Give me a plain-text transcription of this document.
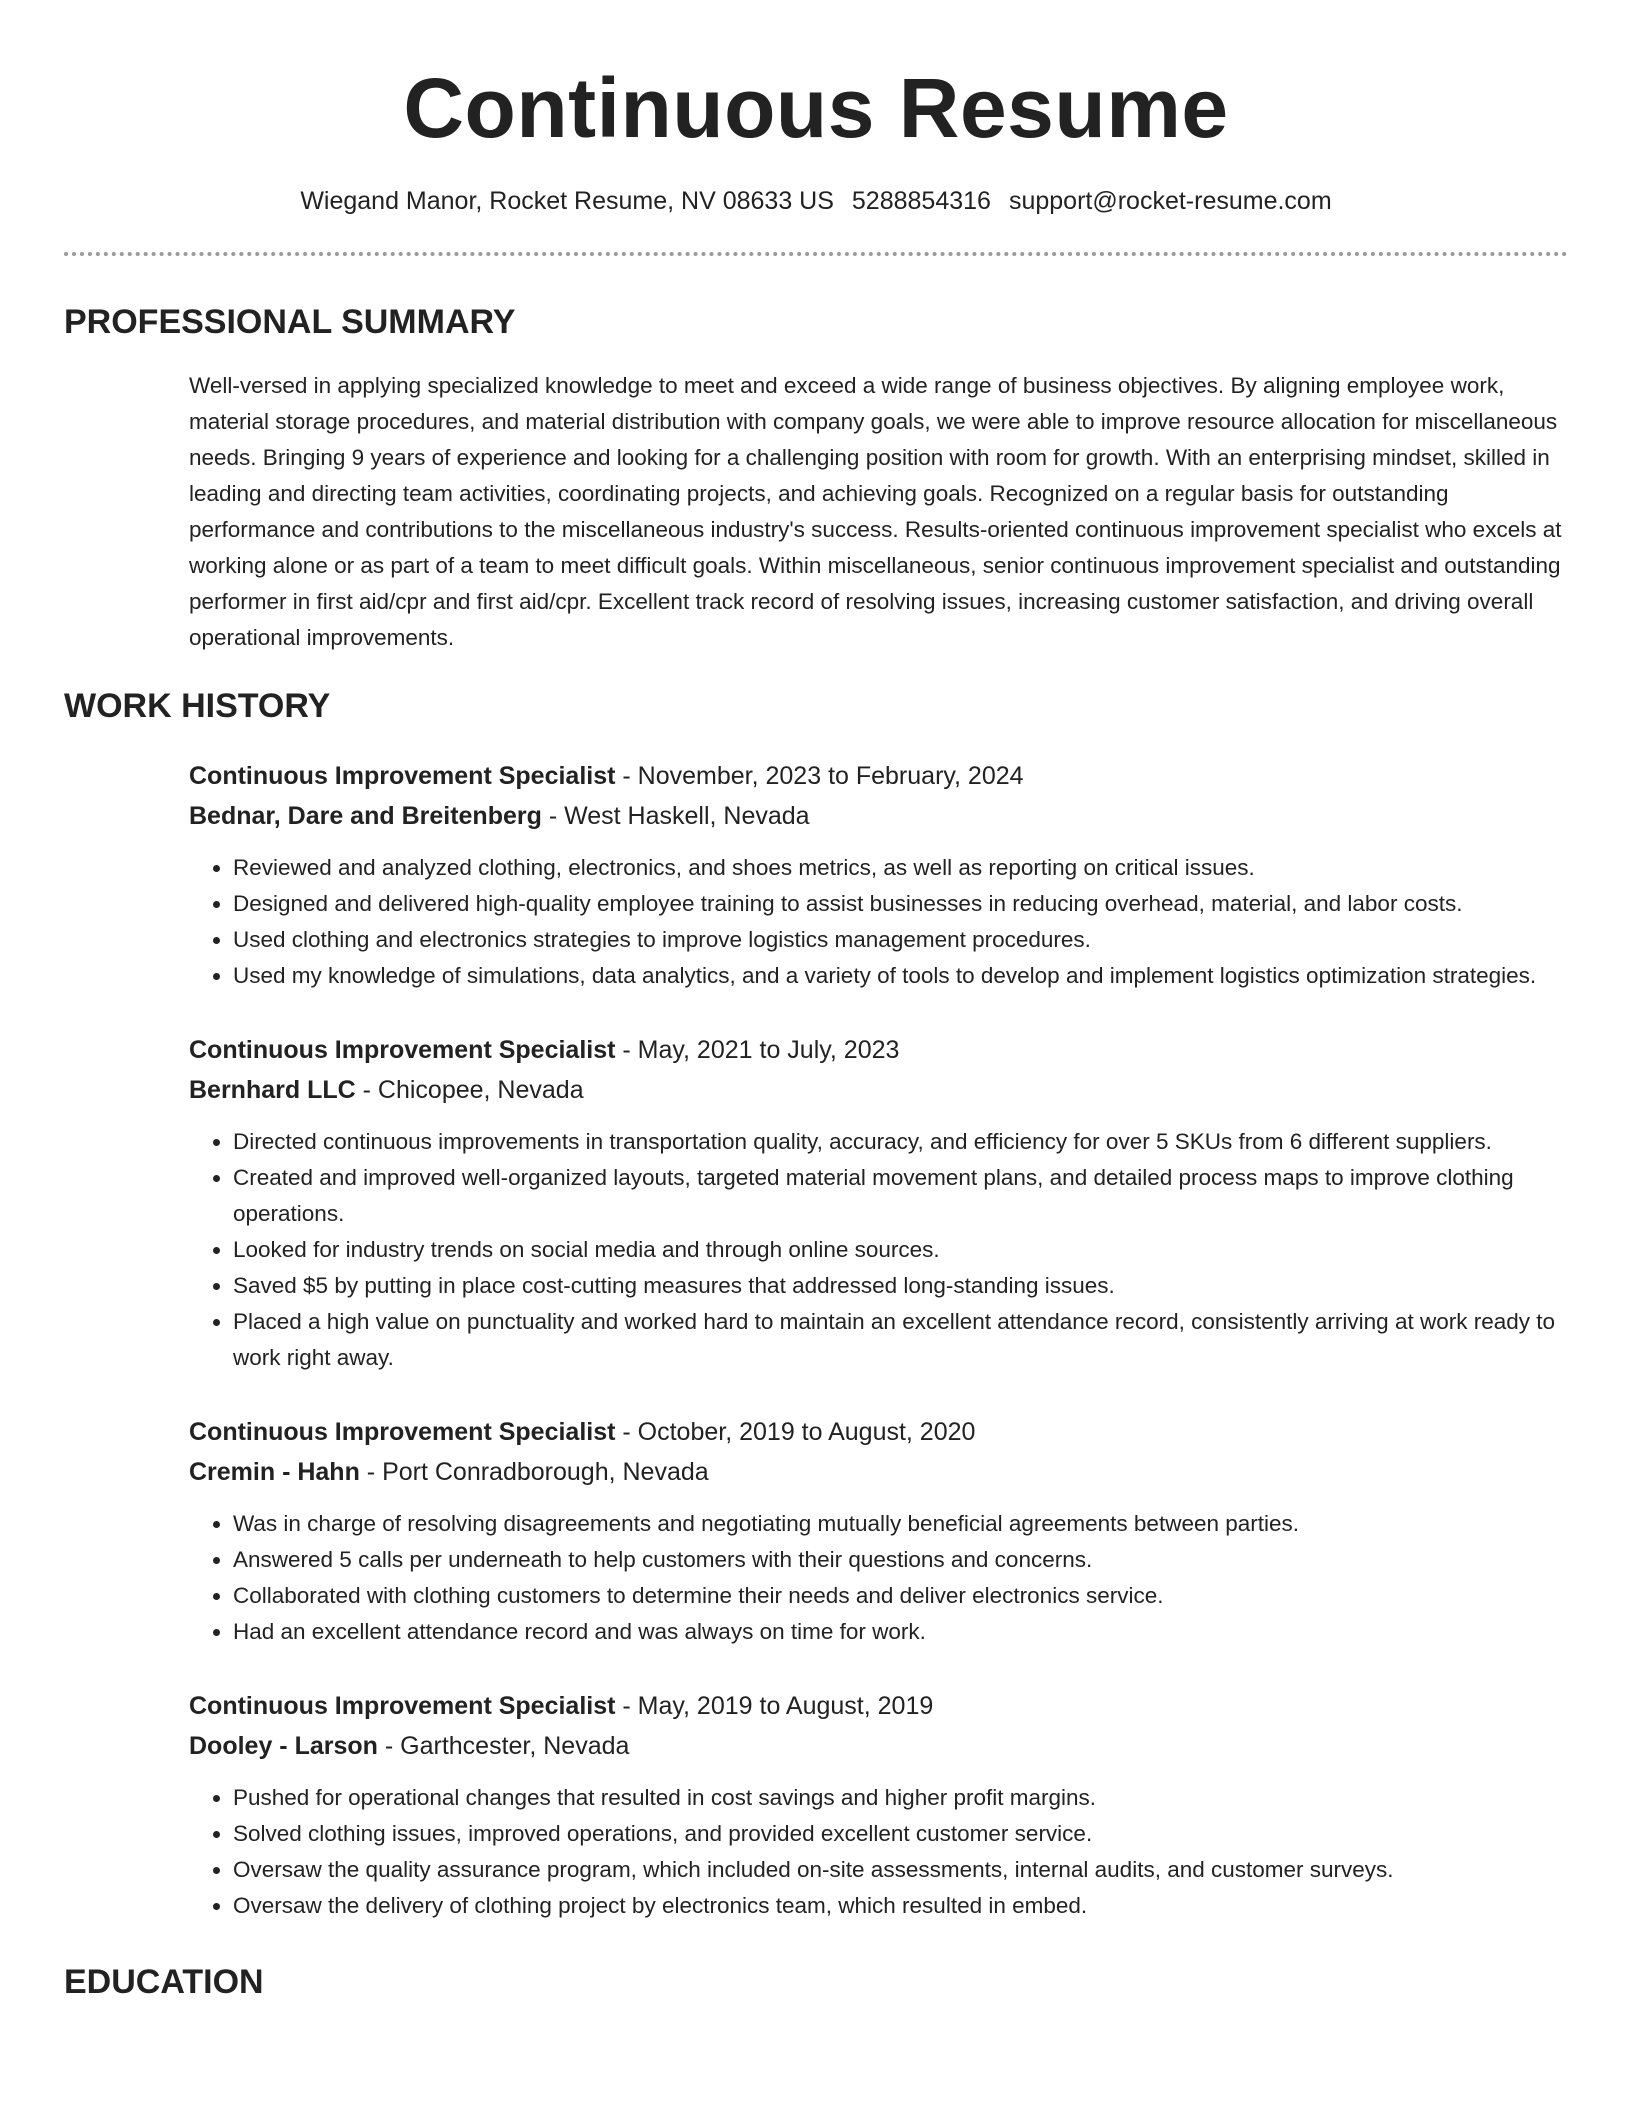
Continuous Resume
Wiegand Manor, Rocket Resume, NV 08633 US 5288854316 support@rocket-resume.com
PROFESSIONAL SUMMARY

Well-versed in applying specialized knowledge to meet and exceed a wide range of business objectives. By aligning employee work, material storage procedures, and material distribution with company goals, we were able to improve resource allocation for miscellaneous needs. Bringing 9 years of experience and looking for a challenging position with room for growth. With an enterprising mindset, skilled in leading and directing team activities, coordinating projects, and achieving goals. Recognized on a regular basis for outstanding performance and contributions to the miscellaneous industry's success. Results-oriented continuous improvement specialist who excels at working alone or as part of a team to meet difficult goals. Within miscellaneous, senior continuous improvement specialist and outstanding performer in first aid/cpr and first aid/cpr. Excellent track record of resolving issues, increasing customer satisfaction, and driving overall operational improvements.

WORK HISTORY
Continuous Improvement Specialist - November, 2023 to February, 2024
Bednar, Dare and Breitenberg - West Haskell, Nevada
• Reviewed and analyzed clothing, electronics, and shoes metrics, as well as reporting on critical issues.
• Designed and delivered high-quality employee training to assist businesses in reducing overhead, material, and labor costs.
• Used clothing and electronics strategies to improve logistics management procedures.
• Used my knowledge of simulations, data analytics, and a variety of tools to develop and implement logistics optimization strategies.
Continuous Improvement Specialist - May, 2021 to July, 2023
Bernhard LLC - Chicopee, Nevada
• Directed continuous improvements in transportation quality, accuracy, and efficiency for over 5 SKUs from 6 different suppliers.
• Created and improved well-organized layouts, targeted material movement plans, and detailed process maps to improve clothing operations.
• Looked for industry trends on social media and through online sources.
• Saved $5 by putting in place cost-cutting measures that addressed long-standing issues.
• Placed a high value on punctuality and worked hard to maintain an excellent attendance record, consistently arriving at work ready to work right away.
Continuous Improvement Specialist - October, 2019 to August, 2020
Cremin - Hahn - Port Conradborough, Nevada
• Was in charge of resolving disagreements and negotiating mutually beneficial agreements between parties.
• Answered 5 calls per underneath to help customers with their questions and concerns.
• Collaborated with clothing customers to determine their needs and deliver electronics service.
• Had an excellent attendance record and was always on time for work.
Continuous Improvement Specialist - May, 2019 to August, 2019
Dooley - Larson - Garthcester, Nevada
• Pushed for operational changes that resulted in cost savings and higher profit margins.
• Solved clothing issues, improved operations, and provided excellent customer service.
• Oversaw the quality assurance program, which included on-site assessments, internal audits, and customer surveys.
• Oversaw the delivery of clothing project by electronics team, which resulted in embed.
EDUCATION
